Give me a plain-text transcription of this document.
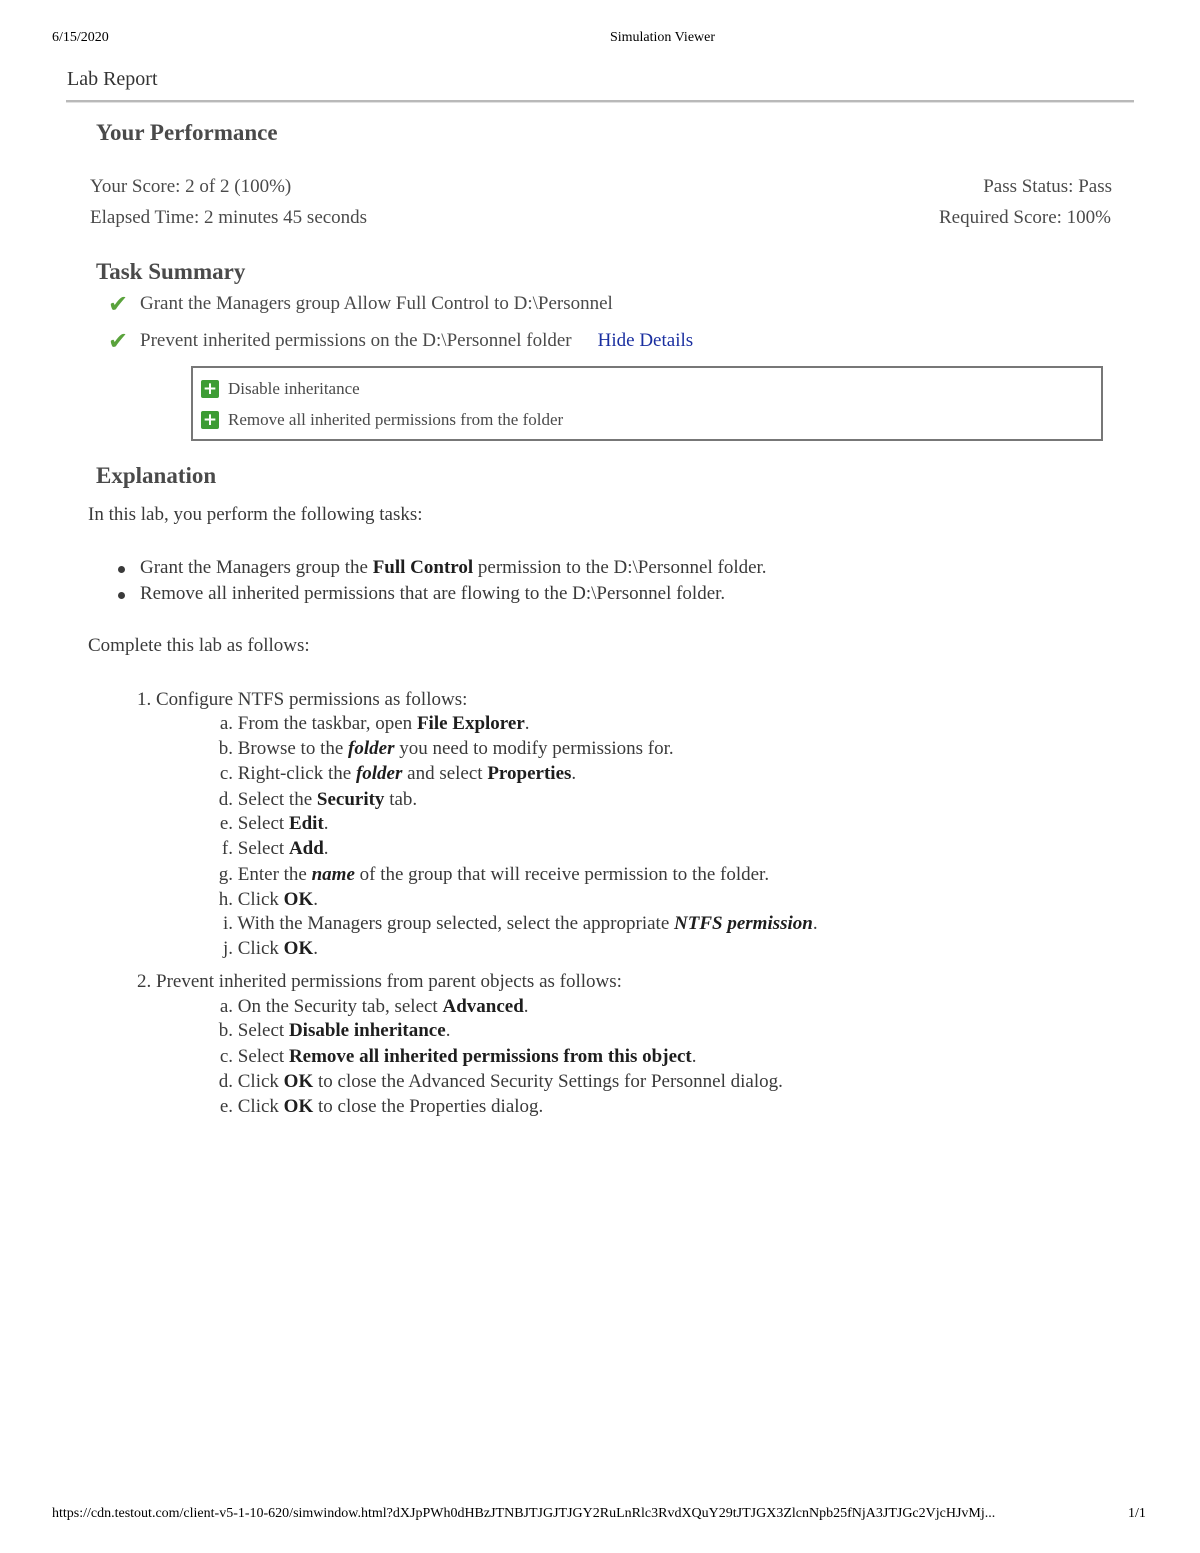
6/15/2020	Simulation Viewer
Lab Report
Your Performance
Your Score: 2 of 2 (100%)
Elapsed Time: 2 minutes 45 seconds
Pass Status: Pass
Required Score: 100%
Task Summary
✔ Grant the Managers group Allow Full Control to D:\Personnel
✔ Prevent inherited permissions on the D:\Personnel folder Hide Details
+ Disable inheritance
+ Remove all inherited permissions from the folder
Explanation
In this lab, you perform the following tasks:
Grant the Managers group the Full Control permission to the D:\Personnel folder.
Remove all inherited permissions that are flowing to the D:\Personnel folder.
Complete this lab as follows:
1. Configure NTFS permissions as follows:
a. From the taskbar, open File Explorer.
b. Browse to the folder you need to modify permissions for.
c. Right-click the folder and select Properties.
d. Select the Security tab.
e. Select Edit.
f. Select Add.
g. Enter the name of the group that will receive permission to the folder.
h. Click OK.
i. With the Managers group selected, select the appropriate NTFS permission.
j. Click OK.
2. Prevent inherited permissions from parent objects as follows:
a. On the Security tab, select Advanced.
b. Select Disable inheritance.
c. Select Remove all inherited permissions from this object.
d. Click OK to close the Advanced Security Settings for Personnel dialog.
e. Click OK to close the Properties dialog.
https://cdn.testout.com/client-v5-1-10-620/simwindow.html?dXJpPWh0dHBzJTNBJTJGJTJGY2RuLnRlc3RvdXQuY29tJTJGX3ZlcnNpb25fNjA3JTJGc2VjcHJvMj...	1/1
